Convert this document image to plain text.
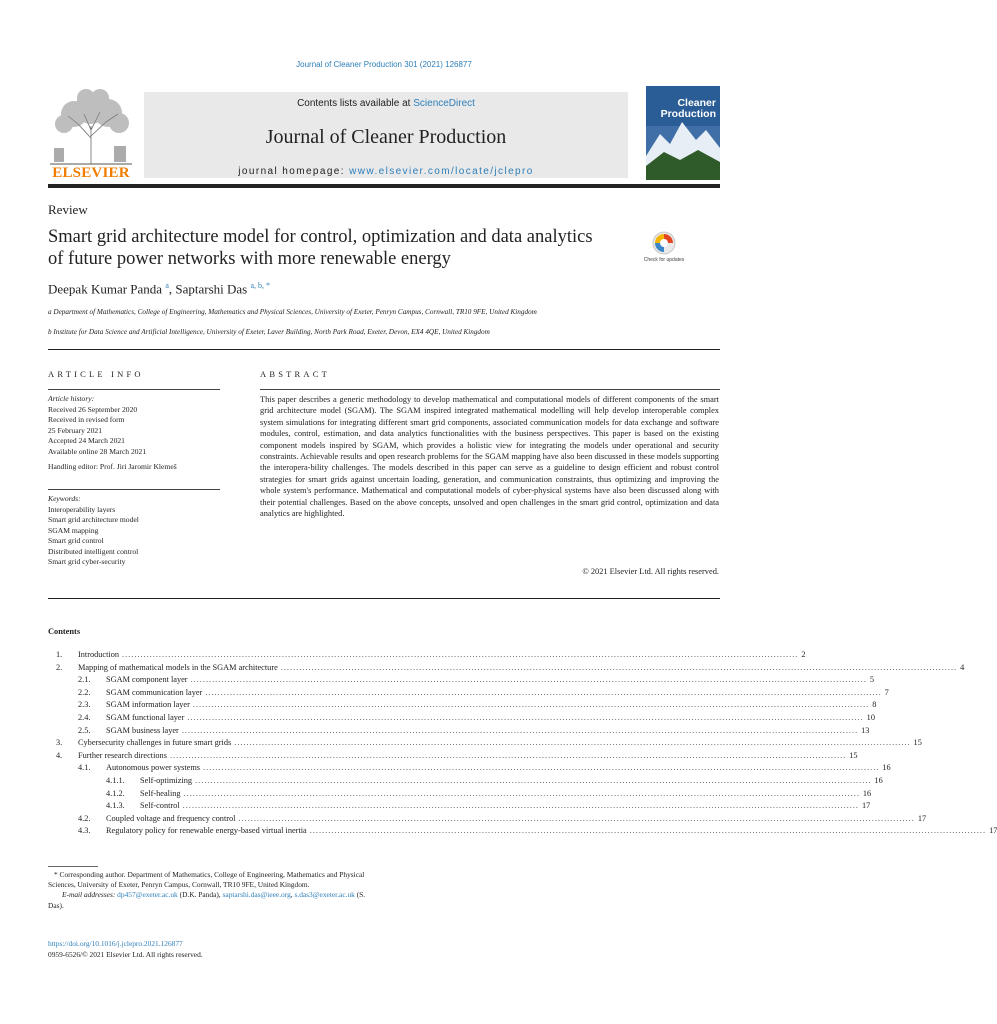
Journal of Cleaner Production 301 (2021) 126877
ELSEVIER
Contents lists available at ScienceDirect
Journal of Cleaner Production
journal homepage: www.elsevier.com/locate/jclepro
Cleaner
Production
Review
Smart grid architecture model for control, optimization and data analytics of future power networks with more renewable energy	Check for updates
Deepak Kumar Panda $^a$, Saptarshi Das $^{a, b, *}$
a Department of Mathematics, College of Engineering, Mathematics and Physical Sciences, University of Exeter, Penryn Campus, Cornwall, TR10 9FE, United Kingdom
b Institute for Data Science and Artificial Intelligence, University of Exeter, Laver Building, North Park Road, Exeter, Devon, EX4 4QE, United Kingdom
ARTICLE INFO	ABSTRACT
Article history:
Received 26 September 2020
Received in revised form
25 February 2021
Accepted 24 March 2021
Available online 28 March 2021
Handling editor: Prof. Jiri Jaromir Klemeš
Keywords:
Interoperability layers
Smart grid architecture model
SGAM mapping
Smart grid control
Distributed intelligent control
Smart grid cyber-security
This paper describes a generic methodology to develop mathematical and computational models of different components of the smart grid architecture model (SGAM). The SGAM inspired integrated mathematical modelling will help develop interoperable complex system simulations for integrating different smart grid components, associated communication models for data exchange and software modules, control, estimation, and data analytics functionalities with the business perspectives. This paper is based on the existing component models inspired by SGAM, which provides a holistic view for integrating the models under operational and security constraints. Achievable results and open research problems for the SGAM mapping have also been discussed in these models supporting the interopera-bility challenges. The models described in this paper can serve as a guideline to design efficient and robust control strategies for smart grids against uncertain loading, generation, and communication constraints, thus optimizing and improving the whole system's performance. Mathematical and computational models of cyber-physical systems have also been discussed along with their potential challenges. Based on the above concepts, unsolved and open challenges in the smart grid control, optimization and data analytics are highlighted.
© 2021 Elsevier Ltd. All rights reserved.
Contents
1.	Introduction ............................................................................................................................................................................................................................ 2
2.	Mapping of mathematical models in the SGAM architecture ............................................................................................................................................................................................................................ 4
2.1.	SGAM component layer ............................................................................................................................................................................................................................ 5
2.2.	SGAM communication layer ............................................................................................................................................................................................................................ 7
2.3.	SGAM information layer ............................................................................................................................................................................................................................ 8
2.4.	SGAM functional layer ............................................................................................................................................................................................................................ 10
2.5.	SGAM business layer ............................................................................................................................................................................................................................ 13
3.	Cybersecurity challenges in future smart grids ............................................................................................................................................................................................................................ 15
4.	Further research directions ............................................................................................................................................................................................................................ 15
4.1.	Autonomous power systems ............................................................................................................................................................................................................................ 16
4.1.1.	Self-optimizing ............................................................................................................................................................................................................................ 16
4.1.2.	Self-healing ............................................................................................................................................................................................................................ 16
4.1.3.	Self-control ............................................................................................................................................................................................................................ 17
4.2.	Coupled voltage and frequency control ............................................................................................................................................................................................................................ 17
4.3.	Regulatory policy for renewable energy-based virtual inertia ............................................................................................................................................................................................................................ 17
* Corresponding author. Department of Mathematics, College of Engineering, Mathematics and Physical Sciences, University of Exeter, Penryn Campus, Cornwall, TR10 9FE, United Kingdom.
E-mail addresses: dp457@exeter.ac.uk (D.K. Panda), saptarshi.das@ieee.org, s.das3@exeter.ac.uk (S. Das).
https://doi.org/10.1016/j.jclepro.2021.126877
0959-6526/© 2021 Elsevier Ltd. All rights reserved.
